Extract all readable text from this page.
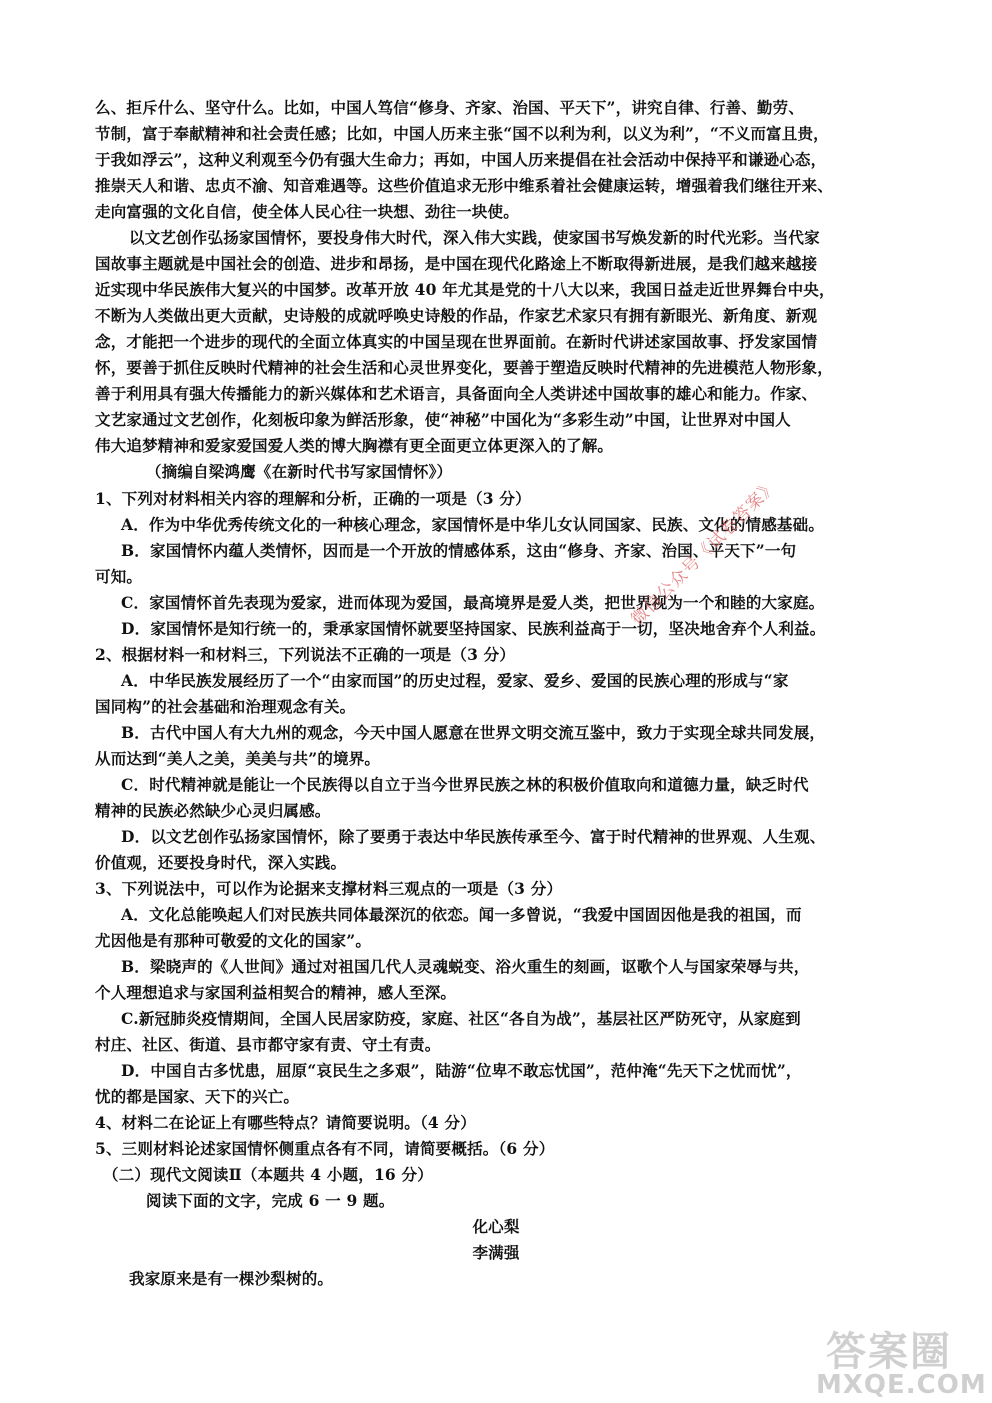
么、拒斥什么、坚守什么。比如，中国人笃信“修身、齐家、治国、平天下”，讲究自律、行善、勤劳、
节制，富于奉献精神和社会责任感；比如，中国人历来主张“国不以利为利，以义为利”，“不义而富且贵，
于我如浮云”，这种义利观至今仍有强大生命力；再如，中国人历来提倡在社会活动中保持平和谦逊心态，
推崇天人和谐、忠贞不渝、知音难遇等。这些价值追求无形中维系着社会健康运转，增强着我们继往开来、
走向富强的文化自信，使全体人民心往一块想、劲往一块使。
以文艺创作弘扬家国情怀，要投身伟大时代，深入伟大实践，使家国书写焕发新的时代光彩。当代家
国故事主题就是中国社会的创造、进步和昂扬，是中国在现代化路途上不断取得新进展，是我们越来越接
近实现中华民族伟大复兴的中国梦。改革开放 40 年尤其是党的十八大以来，我国日益走近世界舞台中央，
不断为人类做出更大贡献，史诗般的成就呼唤史诗般的作品，作家艺术家只有拥有新眼光、新角度、新观
念，才能把一个进步的现代的全面立体真实的中国呈现在世界面前。在新时代讲述家国故事、抒发家国情
怀，要善于抓住反映时代精神的社会生活和心灵世界变化，要善于塑造反映时代精神的先进模范人物形象，
善于利用具有强大传播能力的新兴媒体和艺术语言，具备面向全人类讲述中国故事的雄心和能力。作家、
文艺家通过文艺创作，化刻板印象为鲜活形象，使“神秘”中国化为“多彩生动”中国，让世界对中国人
伟大追梦精神和爱家爱国爱人类的博大胸襟有更全面更立体更深入的了解。
（摘编自梁鸿鹰《在新时代书写家国情怀》）
1、下列对材料相关内容的理解和分析，正确的一项是（3 分）
A．作为中华优秀传统文化的一种核心理念，家国情怀是中华儿女认同国家、民族、文化的情感基础。
B．家国情怀内蕴人类情怀，因而是一个开放的情感体系，这由“修身、齐家、治国、平天下”一句
可知。
C．家国情怀首先表现为爱家，进而体现为爱国，最高境界是爱人类，把世界视为一个和睦的大家庭。
D．家国情怀是知行统一的，秉承家国情怀就要坚持国家、民族利益高于一切，坚决地舍弃个人利益。
2、根据材料一和材料三，下列说法不正确的一项是（3 分）
A．中华民族发展经历了一个“由家而国”的历史过程，爱家、爱乡、爱国的民族心理的形成与“家
国同构”的社会基础和治理观念有关。
B．古代中国人有大九州的观念，今天中国人愿意在世界文明交流互鉴中，致力于实现全球共同发展，
从而达到“美人之美，美美与共”的境界。
C．时代精神就是能让一个民族得以自立于当今世界民族之林的积极价值取向和道德力量，缺乏时代
精神的民族必然缺少心灵归属感。
D．以文艺创作弘扬家国情怀，除了要勇于表达中华民族传承至今、富于时代精神的世界观、人生观、
价值观，还要投身时代，深入实践。
3、下列说法中，可以作为论据来支撑材料三观点的一项是（3 分）
A．文化总能唤起人们对民族共同体最深沉的依恋。闻一多曾说，“我爱中国固因他是我的祖国，而
尤因他是有那种可敬爱的文化的国家”。
B．梁晓声的《人世间》通过对祖国几代人灵魂蜕变、浴火重生的刻画，讴歌个人与国家荣辱与共，
个人理想追求与家国利益相契合的精神，感人至深。
C.新冠肺炎疫情期间，全国人民居家防疫，家庭、社区“各自为战”，基层社区严防死守，从家庭到
村庄、社区、街道、县市都守家有责、守土有责。
D．中国自古多忧患，屈原“哀民生之多艰”，陆游“位卑不敢忘忧国”，范仲淹“先天下之忧而忧”，
忧的都是国家、天下的兴亡。
4、材料二在论证上有哪些特点？请简要说明。（4 分）
5、三则材料论述家国情怀侧重点各有不同，请简要概括。（6 分）
（二）现代文阅读Ⅱ（本题共 4 小题，16 分）
阅读下面的文字，完成 6 一 9 题。
化心梨
李满强
我家原来是有一棵沙梨树的。
微信公众号《试卷答案》
答案圈
MXQE.COM
